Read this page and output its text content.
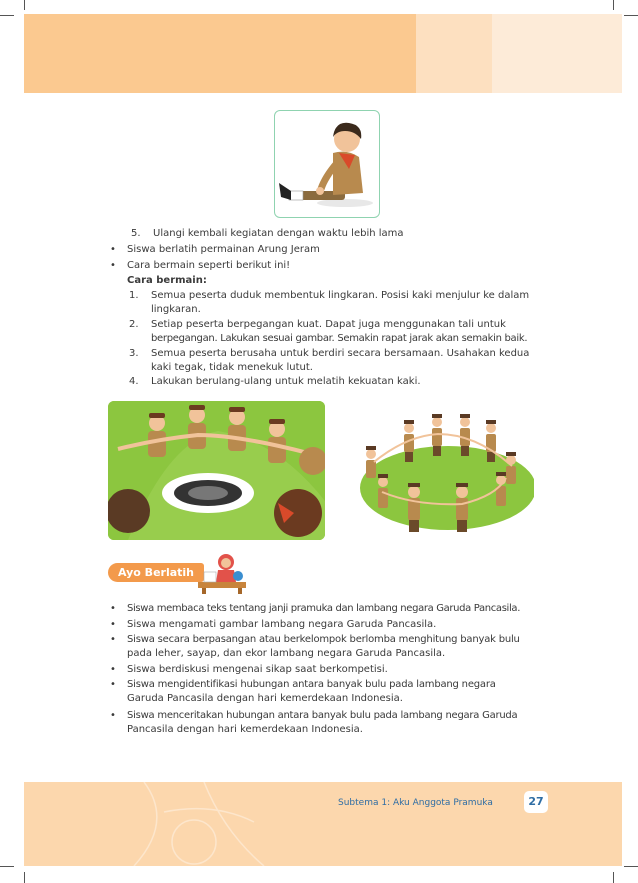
5. Ulangi kembali kegiatan dengan waktu lebih lama
• Siswa berlatih permainan Arung Jeram
• Cara bermain seperti berikut ini!
Cara bermain:
1. Semua peserta duduk membentuk lingkaran. Posisi kaki menjulur ke dalam
lingkaran.
2. Setiap peserta berpegangan kuat. Dapat juga menggunakan tali untuk
berpegangan. Lakukan sesuai gambar. Semakin rapat jarak akan semakin baik.
3. Semua peserta berusaha untuk berdiri secara bersamaan. Usahakan kedua
kaki tegak, tidak menekuk lutut.
4. Lakukan berulang-ulang untuk melatih kekuatan kaki.
Ayo Berlatih
• Siswa membaca teks tentang janji pramuka dan lambang negara Garuda Pancasila.
• Siswa mengamati gambar lambang negara Garuda Pancasila.
• Siswa secara berpasangan atau berkelompok berlomba menghitung banyak bulu
pada leher, sayap, dan ekor lambang negara Garuda Pancasila.
• Siswa berdiskusi mengenai sikap saat berkompetisi.
• Siswa mengidentifikasi hubungan antara banyak bulu pada lambang negara
Garuda Pancasila dengan hari kemerdekaan Indonesia.
• Siswa menceritakan hubungan antara banyak bulu pada lambang negara Garuda
Pancasila dengan hari kemerdekaan Indonesia.
Subtema 1: Aku Anggota Pramuka	27
